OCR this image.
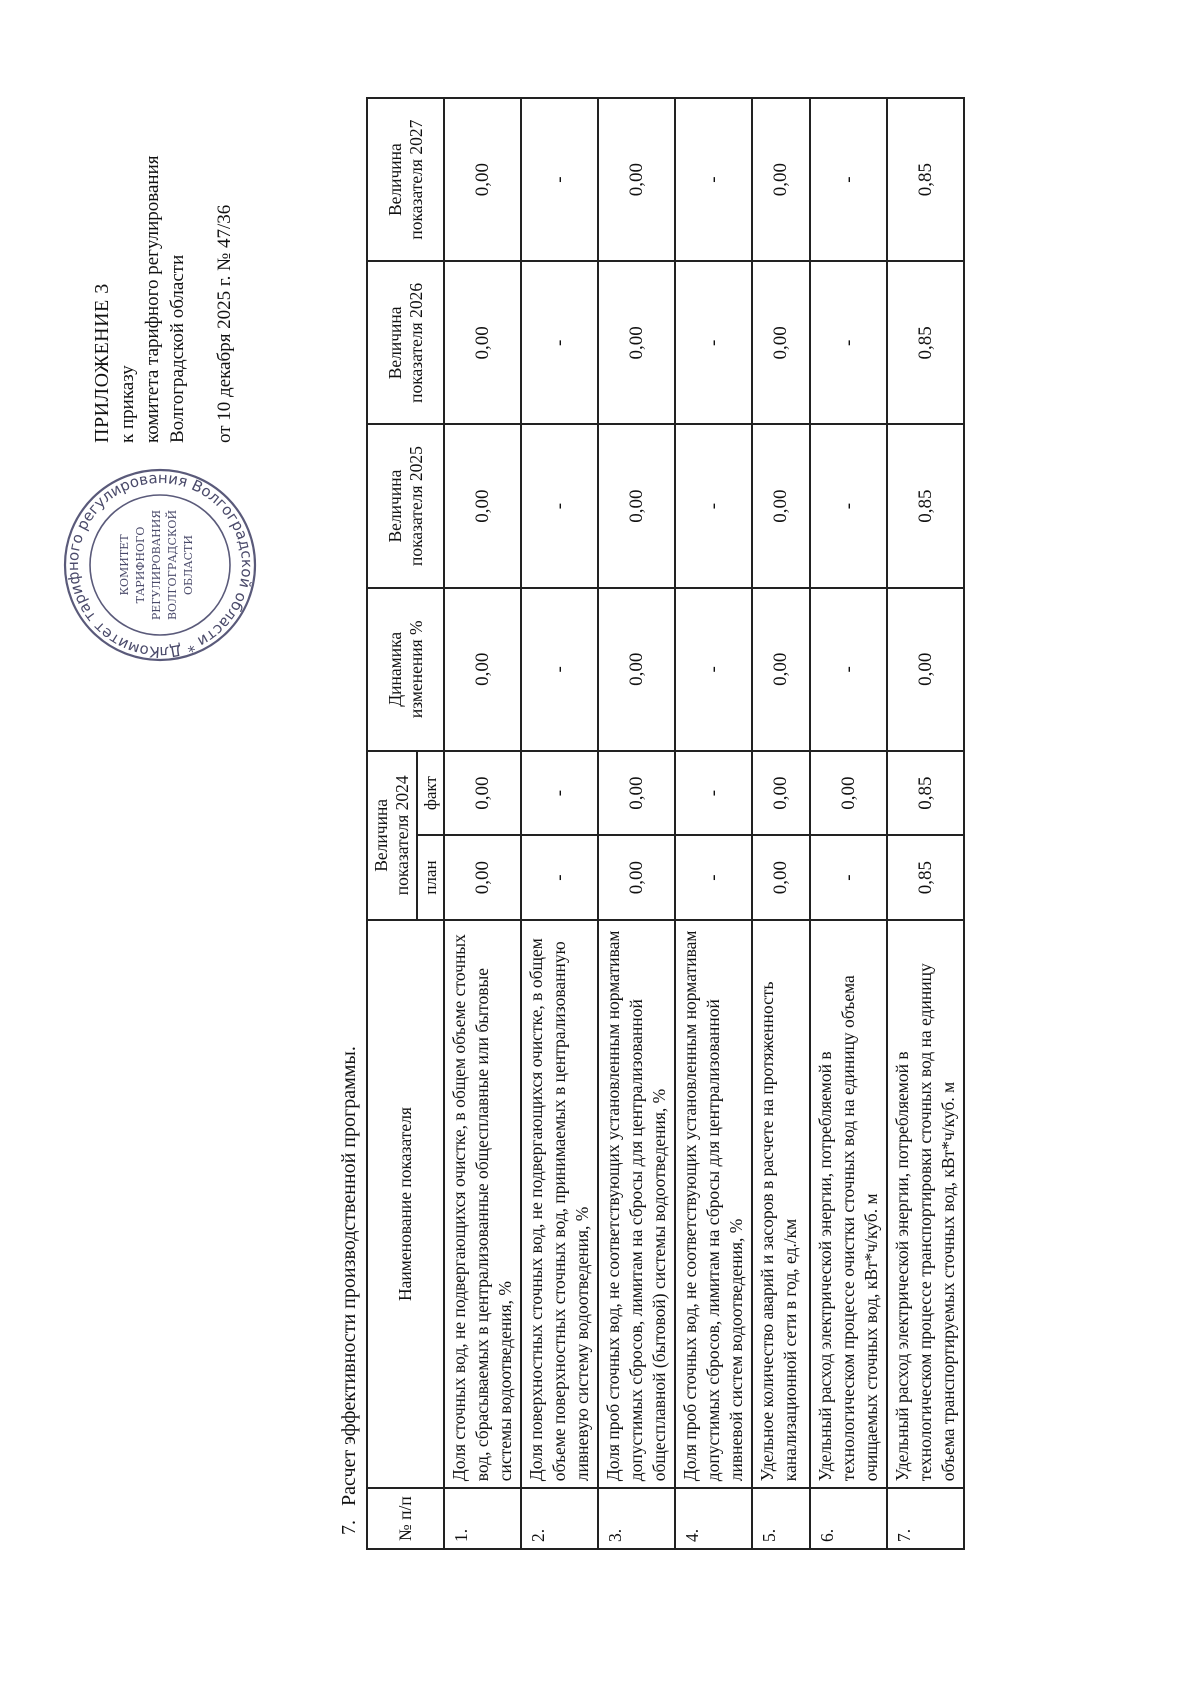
Комитет тарифного регулирования Волгоградской области * Дл
КОМИТЕТ ТАРИФНОГО РЕГУЛИРОВАНИЯ ВОЛГОГРАДСКОЙ ОБЛАСТИ
ПРИЛОЖЕНИЕ 3 к приказу комитета тарифного регулирования Волгоградской области от 10 декабря 2025 г. № 47/36
7.Расчет эффективности производственной программы.
№ п/п	Наименование показателя	Величина показателя 2024		Динамика изменения %	Величина показателя 2025	Величина показателя 2026	Величина показателя 2027
		план	факт				
1.	Доля сточных вод, не подвергающихся очистке, в общем объеме сточных вод, сбрасываемых в централизованные общесплавные или бытовые системы водоотведения, %	0,00	0,00	0,00	0,00	0,00	0,00
2.	Доля поверхностных сточных вод, не подвергающихся очистке, в общем объеме поверхностных сточных вод, принимаемых в централизованную ливневую систему водоотведения, %	-	-	-	-	-	-
3.	Доля проб сточных вод, не соответствующих установленным нормативам допустимых сбросов, лимитам на сбросы для централизованной общесплавной (бытовой) системы водоотведения, %	0,00	0,00	0,00	0,00	0,00	0,00
4.	Доля проб сточных вод, не соответствующих установленным нормативам допустимых сбросов, лимитам на сбросы для централизованной ливневой систем водоотведения, %	-	-	-	-	-	-
5.	Удельное количество аварий и засоров в расчете на протяженность канализационной сети в год, ед./км	0,00	0,00	0,00	0,00	0,00	0,00
6.	Удельный расход электрической энергии, потребляемой в технологическом процессе очистки сточных вод на единицу объема очищаемых сточных вод, кВт*ч/куб. м	-	0,00	-	-	-	-
7.	Удельный расход электрической энергии, потребляемой в технологическом процессе транспортировки сточных вод на единицу объема транспортируемых сточных вод, кВт*ч/куб. м	0,85	0,85	0,00	0,85	0,85	0,85
